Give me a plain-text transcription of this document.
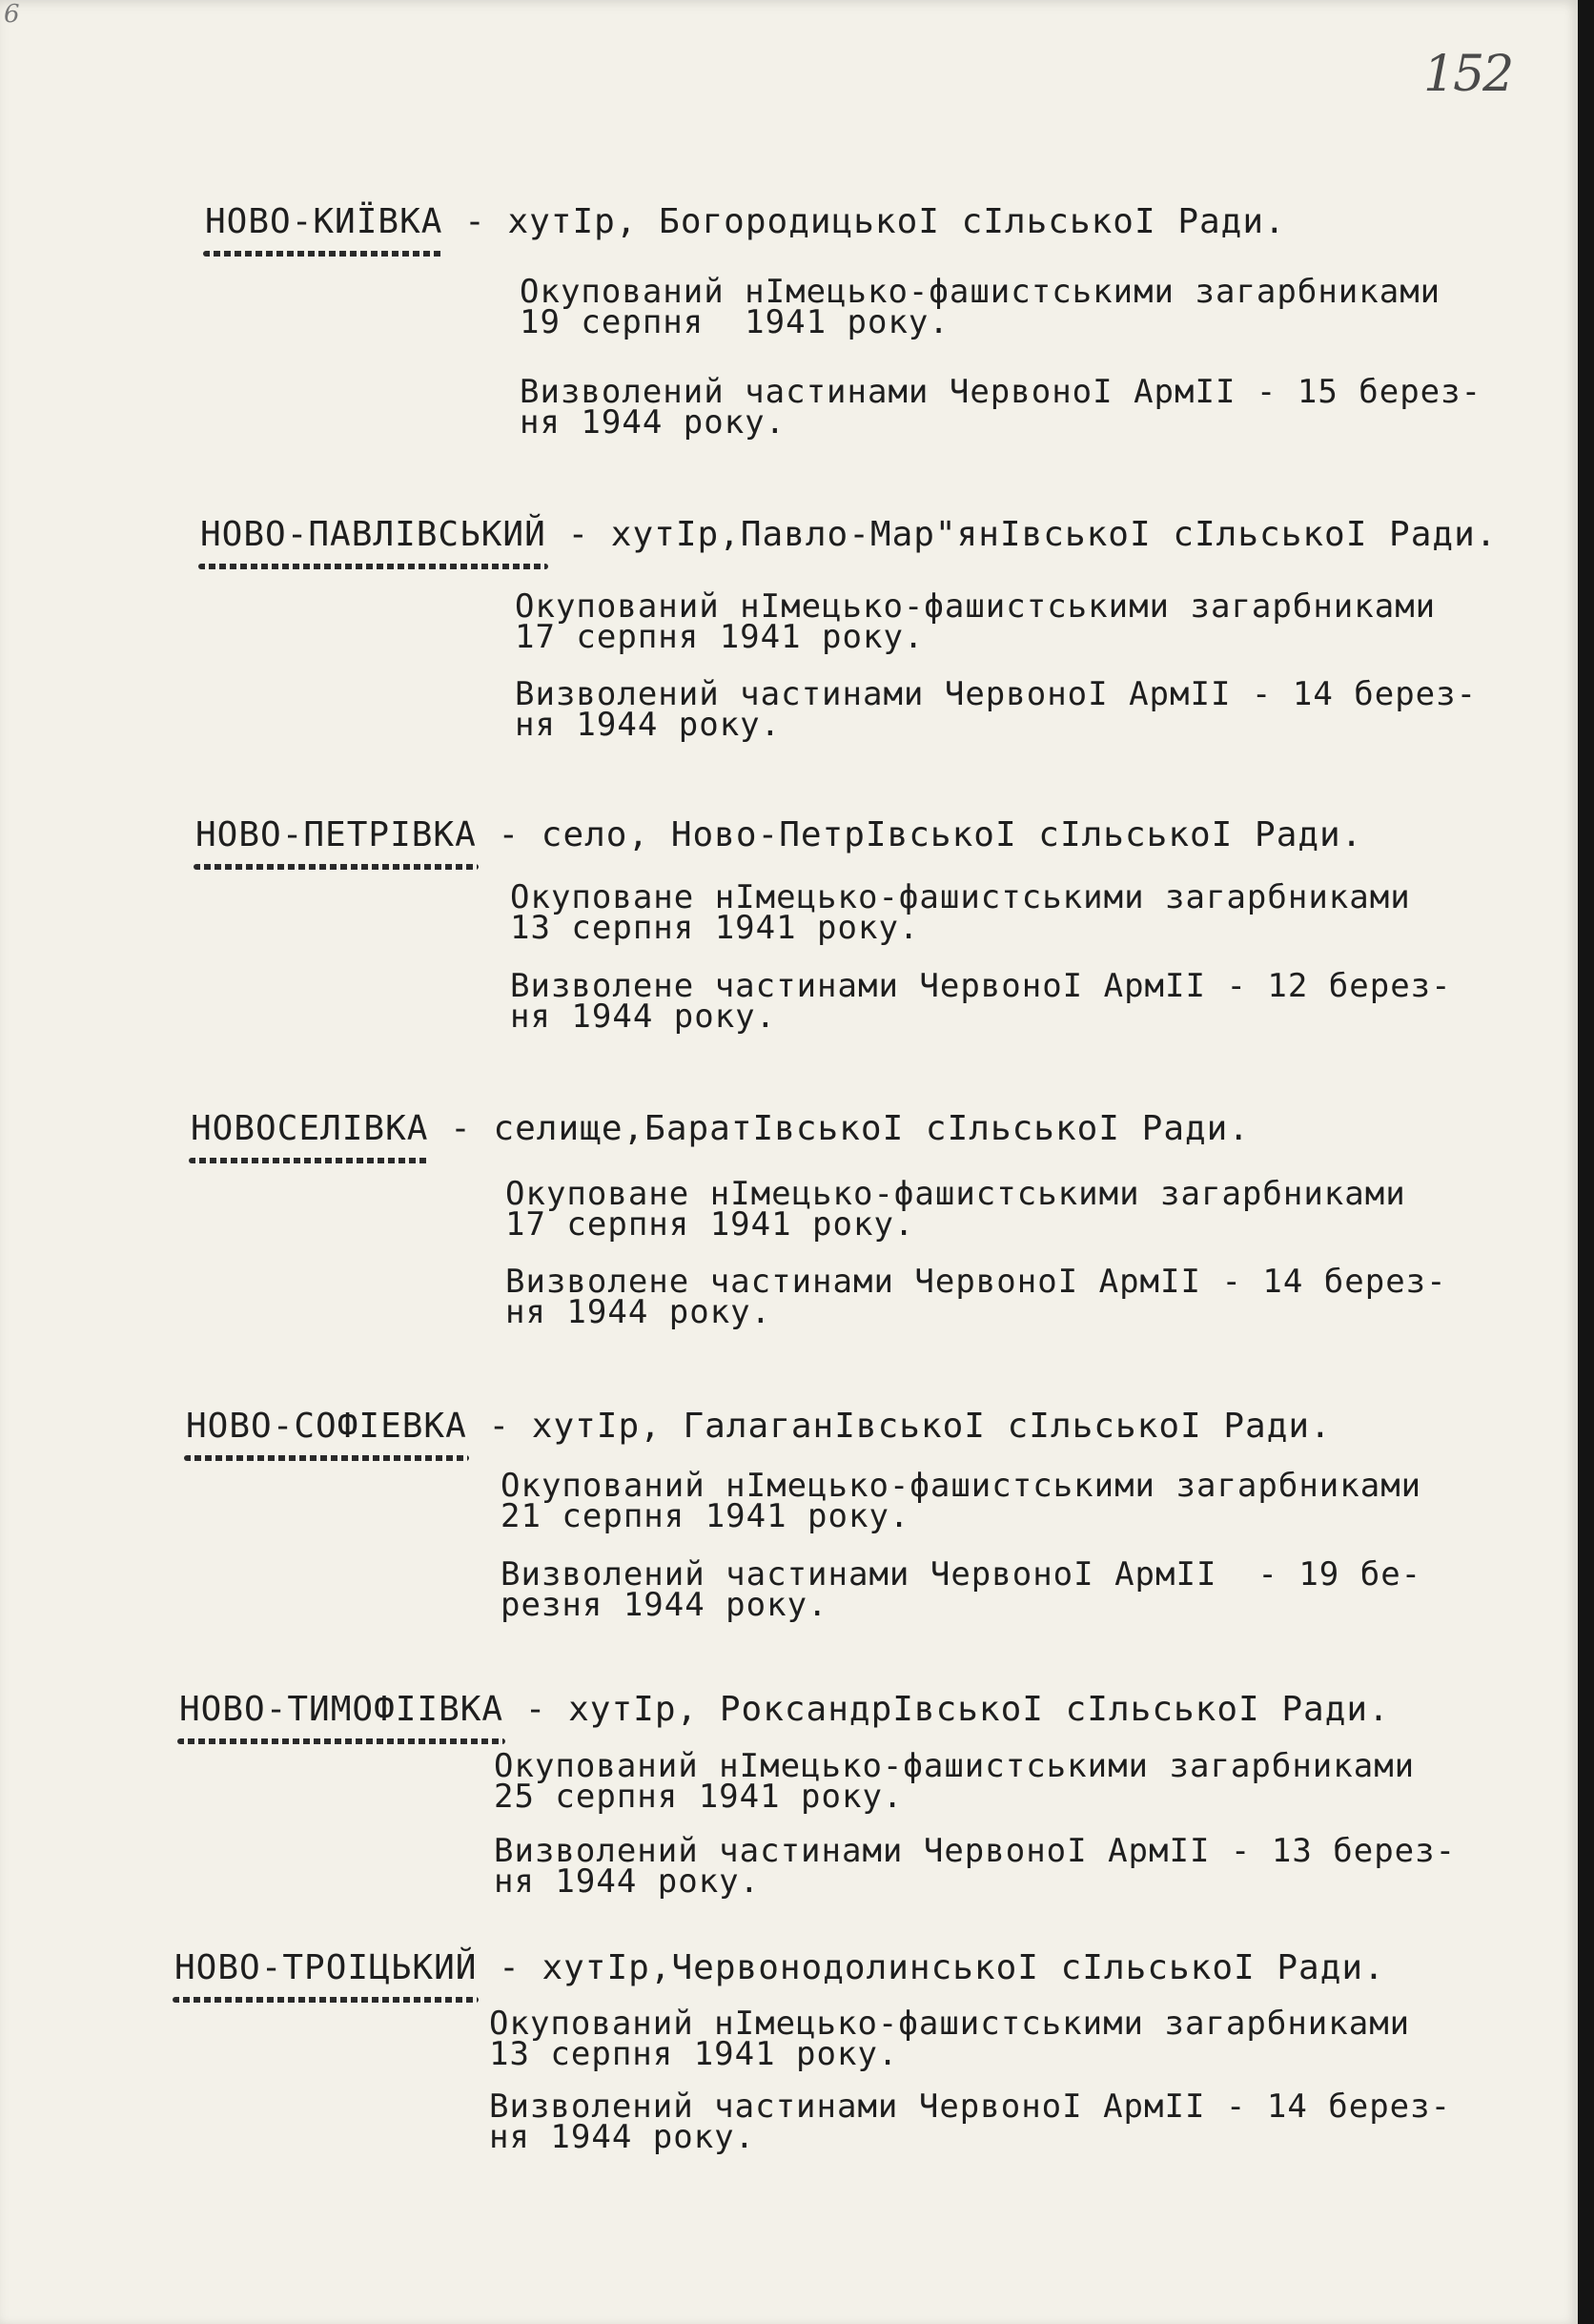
6
152
НОВО-КИЇВКА - хутІр, БогородицькоІ сІльськоІ Ради.
Окупований нІмецько-фашистськими загарбниками
19 серпня  1941 року.
Визволений частинами ЧервоноІ АрмІІ - 15 берез-
ня 1944 року.
НОВО-ПАВЛІВСЬКИЙ - хутІр,Павло-Мар"янІвськоІ сІльськоІ Ради.
Окупований нІмецько-фашистськими загарбниками
17 серпня 1941 року.
Визволений частинами ЧервоноІ АрмІІ - 14 берез-
ня 1944 року.
НОВО-ПЕТРІВКА - село, Ново-ПетрІвськоІ сІльськоІ Ради.
Окуповане нІмецько-фашистськими загарбниками
13 серпня 1941 року.
Визволене частинами ЧервоноІ АрмІІ - 12 берез-
ня 1944 року.
НОВОСЕЛІВКА - селище,БаратІвськоІ сІльськоІ Ради.
Окуповане нІмецько-фашистськими загарбниками
17 серпня 1941 року.
Визволене частинами ЧервоноІ АрмІІ - 14 берез-
ня 1944 року.
НОВО-СОФІЕВКА - хутІр, ГалаганІвськоІ сІльськоІ Ради.
Окупований нІмецько-фашистськими загарбниками
21 серпня 1941 року.
Визволений частинами ЧервоноІ АрмІІ  - 19 бе-
резня 1944 року.
НОВО-ТИМОФІІВКА - хутІр, РоксандрІвськоІ сІльськоІ Ради.
Окупований нІмецько-фашистськими загарбниками
25 серпня 1941 року.
Визволений частинами ЧервоноІ АрмІІ - 13 берез-
ня 1944 року.
НОВО-ТРОІЦЬКИЙ - хутІр,ЧервонодолинськоІ сІльськоІ Ради.
Окупований нІмецько-фашистськими загарбниками
13 серпня 1941 року.
Визволений частинами ЧервоноІ АрмІІ - 14 берез-
ня 1944 року.
